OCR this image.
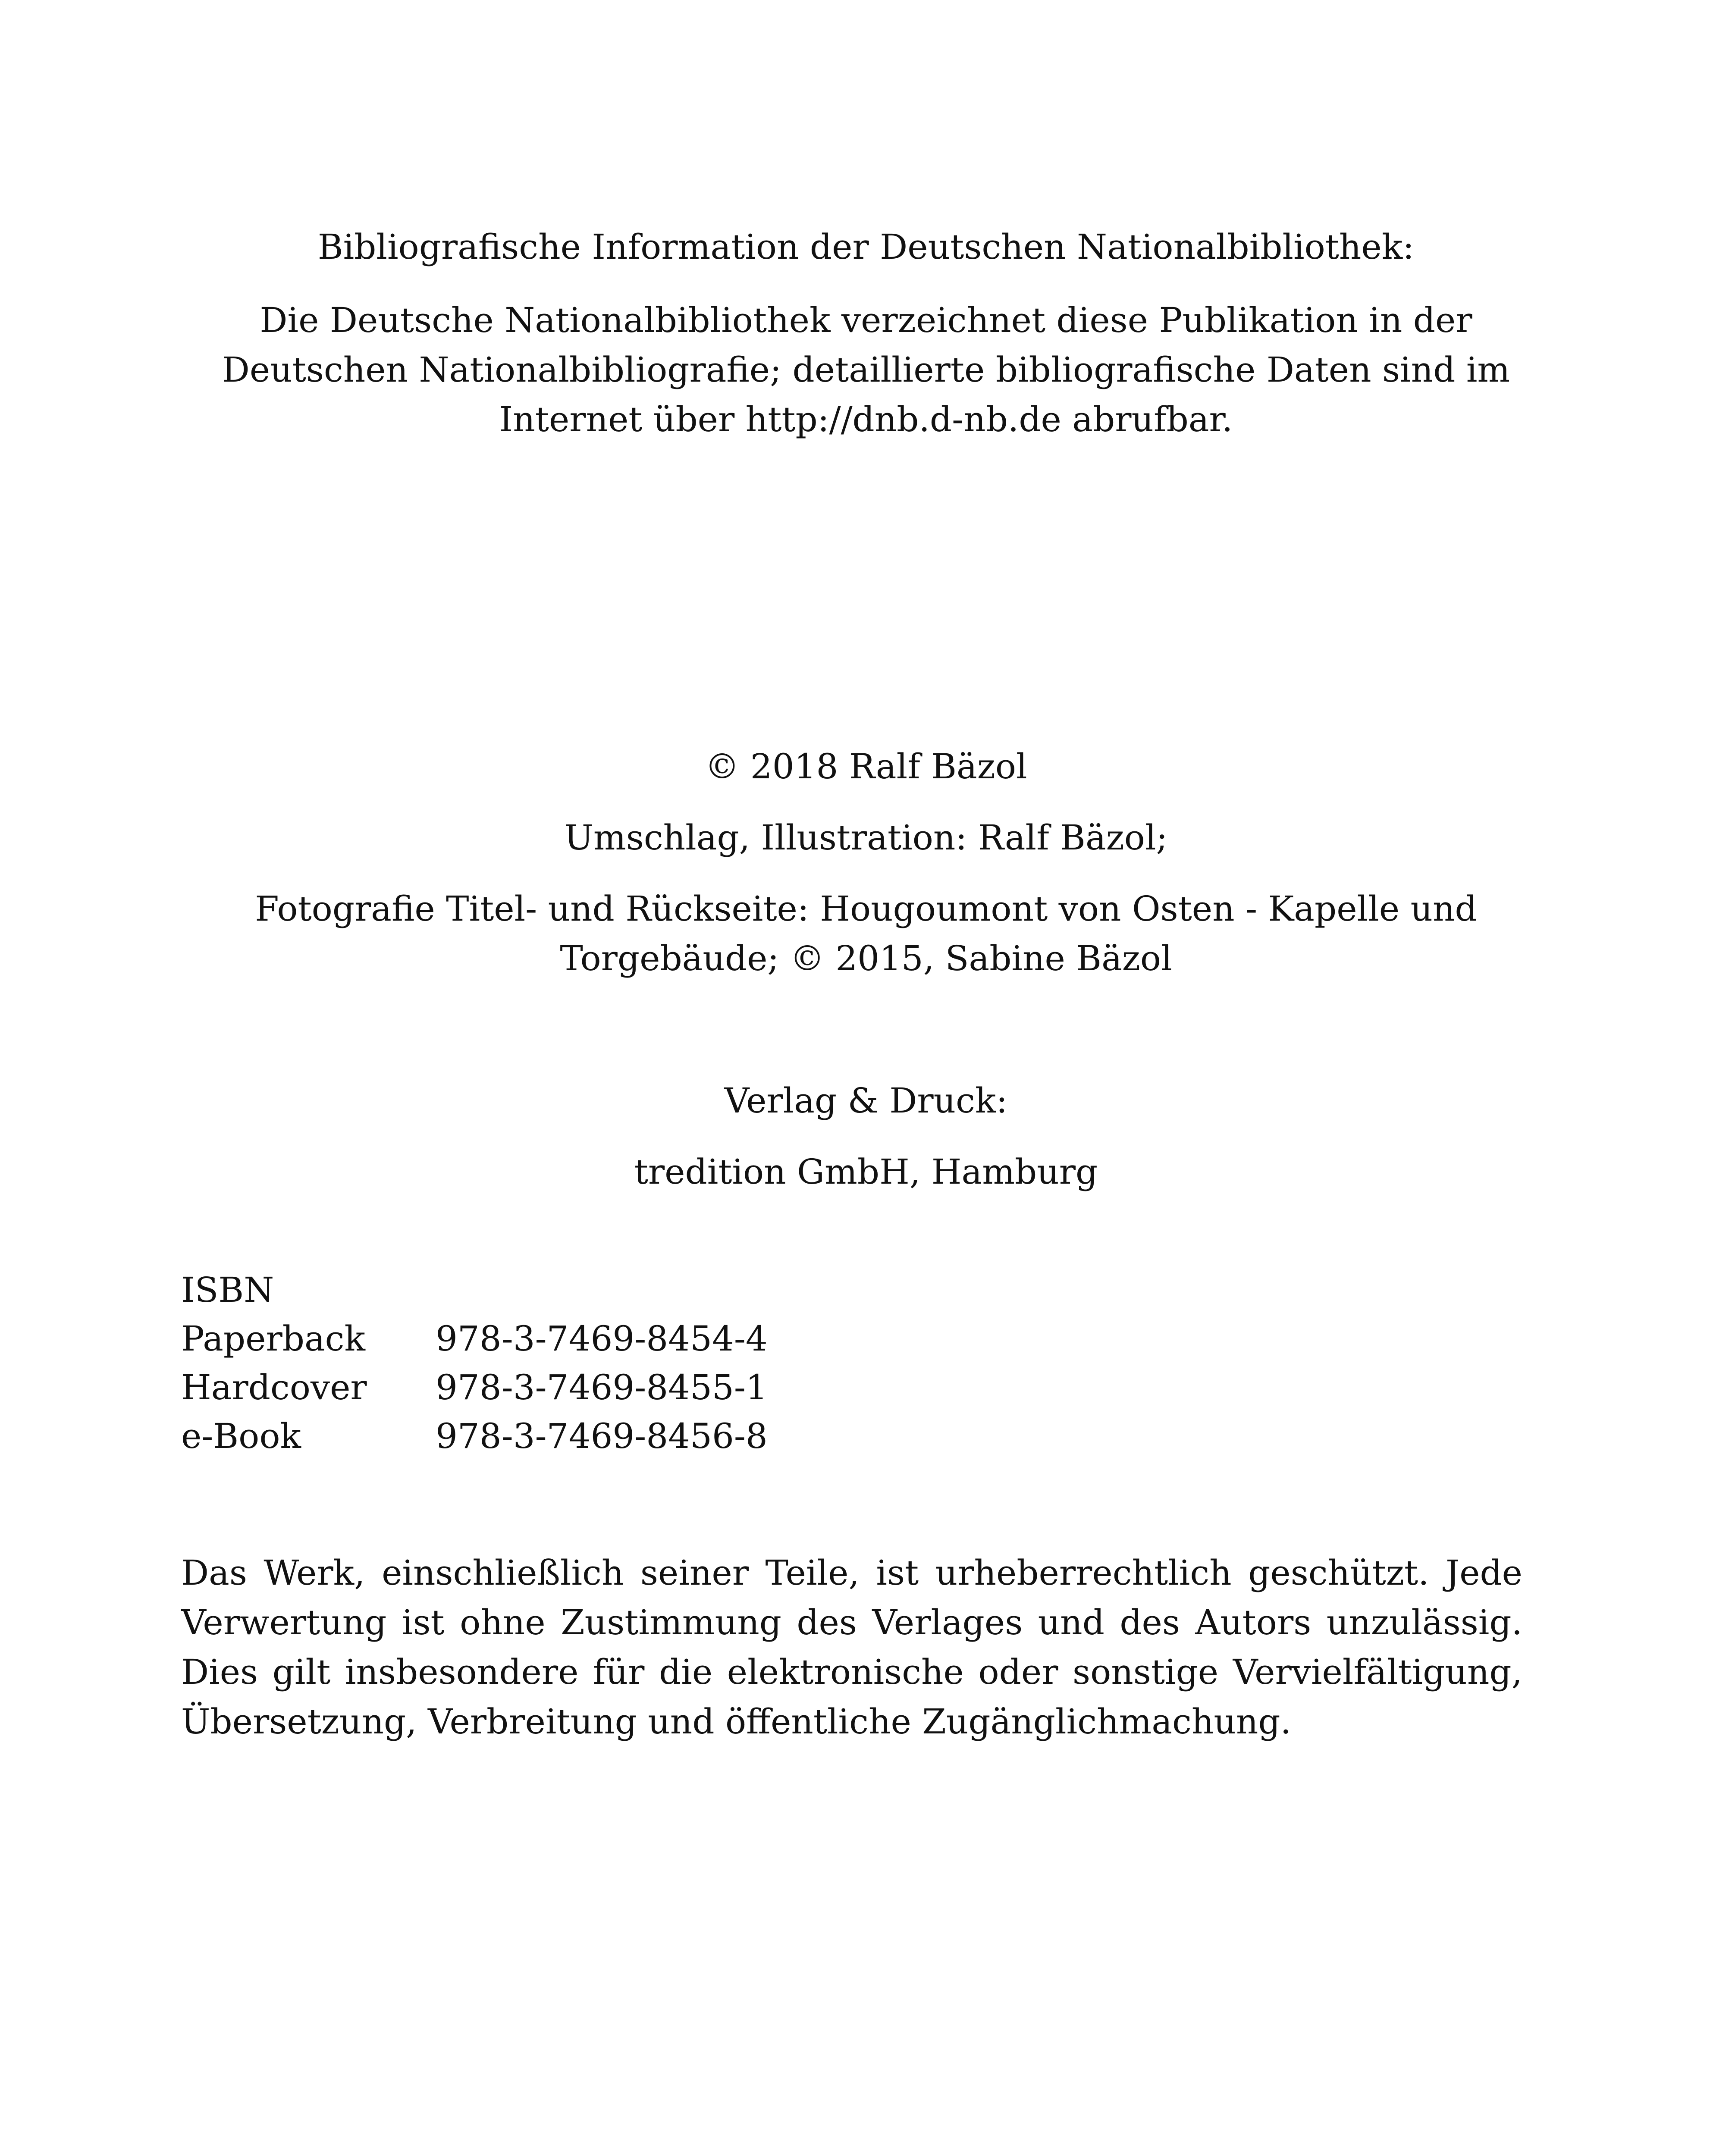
Bibliografische Information der Deutschen Nationalbibliothek:

Die Deutsche Nationalbibliothek verzeichnet diese Publikation in der

Deutschen Nationalbibliografie; detaillierte bibliografische Daten sind im

Internet über http://dnb.d-nb.de abrufbar.

© 2018 Ralf Bäzol

Umschlag, Illustration: Ralf Bäzol;

Fotografie Titel- und Rückseite: Hougoumont von Osten - Kapelle und

Torgebäude; © 2015, Sabine Bäzol

Verlag & Druck:

tredition GmbH, Hamburg

ISBN
Paperback	978-3-7469-8454-4
Hardcover	978-3-7469-8455-1
e-Book	978-3-7469-8456-8

Das Werk, einschließlich seiner Teile, ist urheberrechtlich geschützt. Jede Verwertung ist ohne Zustimmung des Verlages und des Autors unzulässig. Dies gilt insbesondere für die elektronische oder sonstige Vervielfältigung, Übersetzung, Verbreitung und öffentliche Zugänglichmachung.
